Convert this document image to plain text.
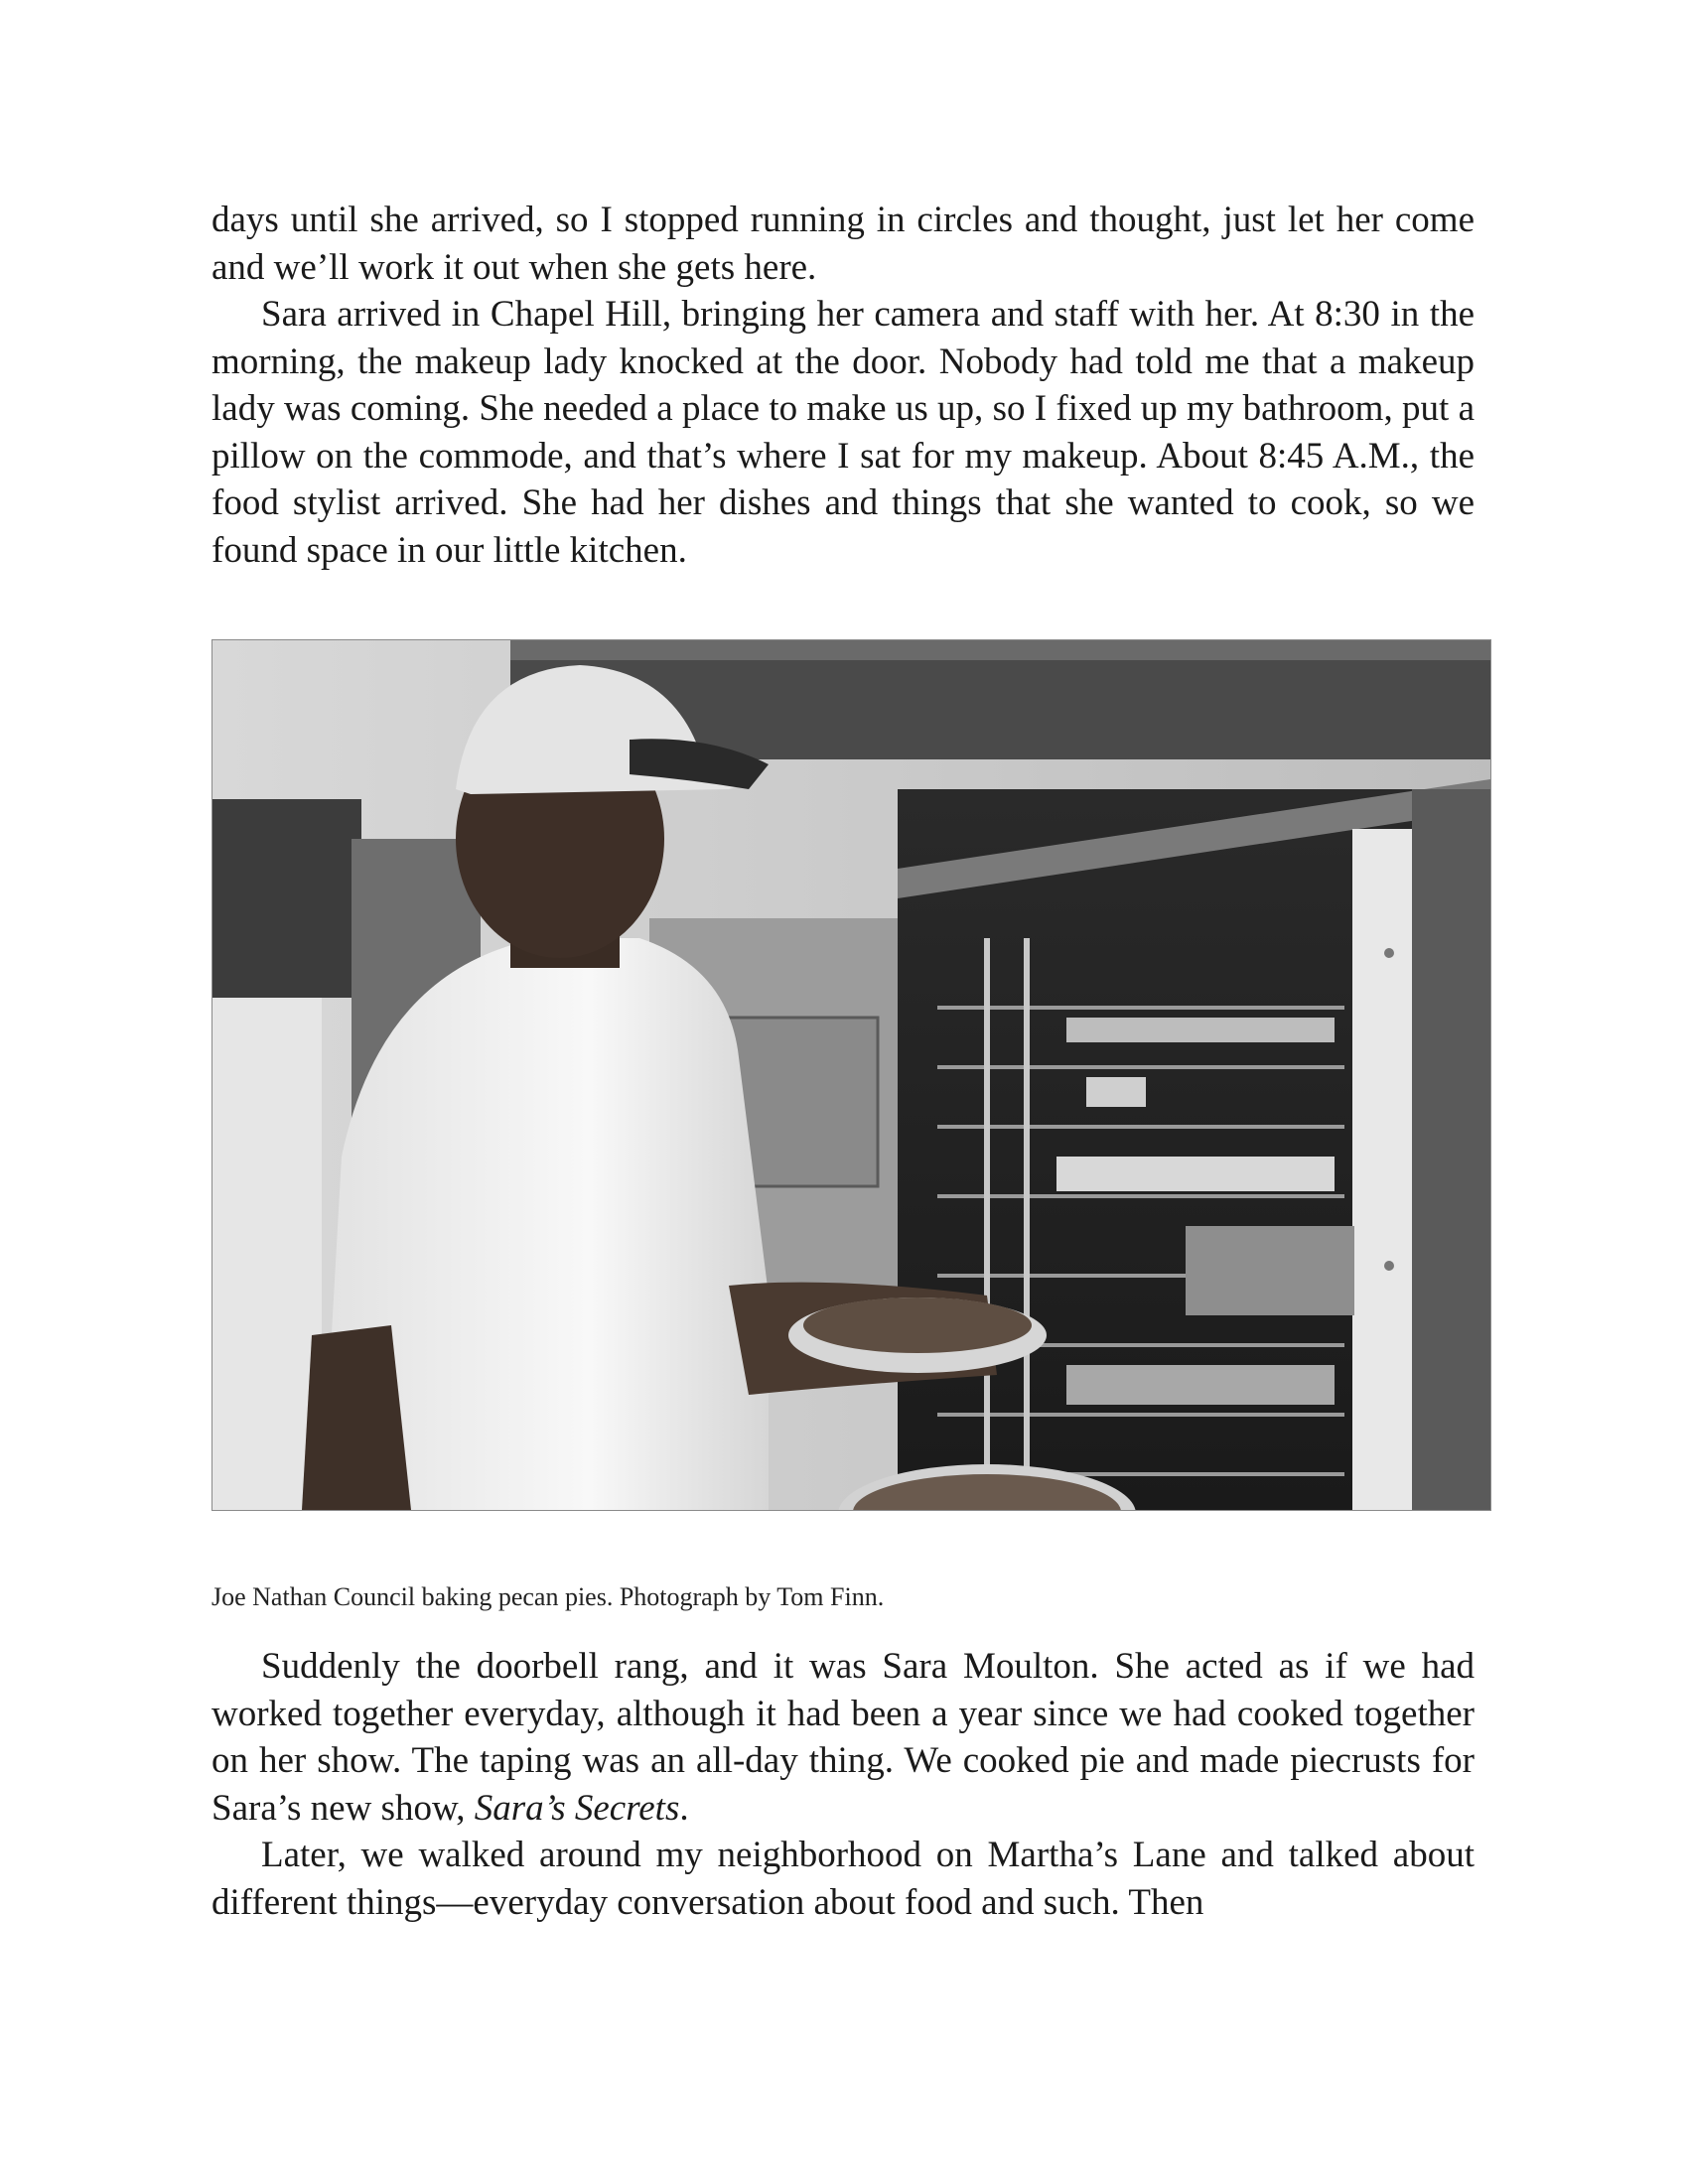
days until she arrived, so I stopped running in circles and thought, just let her come and we’ll work it out when she gets here.

Sara arrived in Chapel Hill, bringing her camera and staff with her. At 8:30 in the morning, the makeup lady knocked at the door. Nobody had told me that a makeup lady was coming. She needed a place to make us up, so I fixed up my bathroom, put a pillow on the commode, and that’s where I sat for my makeup. About 8:45 A.M., the food stylist arrived. She had her dishes and things that she wanted to cook, so we found space in our little kitchen.

Joe Nathan Council baking pecan pies. Photograph by Tom Finn.

Suddenly the doorbell rang, and it was Sara Moulton. She acted as if we had worked together everyday, although it had been a year since we had cooked together on her show. The taping was an all-day thing. We cooked pie and made piecrusts for Sara’s new show, Sara’s Secrets.

Later, we walked around my neighborhood on Martha’s Lane and talked about different things—everyday conversation about food and such. Then
